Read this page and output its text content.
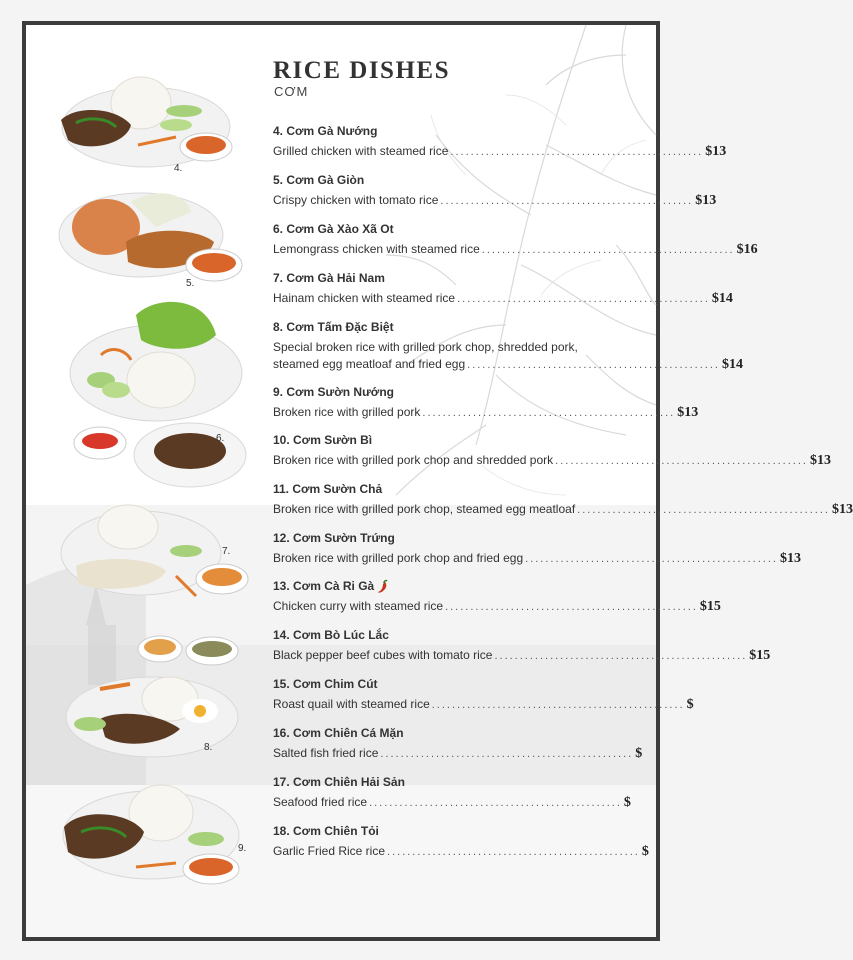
RICE DISHES
CƠM
4.
5.
6.
7.
8.
9.
4. Cơm Gà Nướng
Grilled chicken with steamed rice .................................................. $13
5. Cơm Gà Giòn
Crispy chicken with tomato rice .................................................. $13
6. Cơm Gà Xào Xã Ot
Lemongrass chicken with steamed rice .................................................. $16
7. Cơm Gà Hải Nam
Hainam chicken with steamed rice .................................................. $14
8. Cơm Tấm Đặc Biệt
Special broken rice with grilled pork chop, shredded pork,
steamed egg meatloaf and fried egg .................................................. $14
9. Cơm Sườn Nướng
Broken rice with grilled pork .................................................. $13
10. Cơm Sườn Bì
Broken rice with grilled pork chop and shredded pork .................................................. $13
11. Cơm Sườn Chả
Broken rice with grilled pork chop, steamed egg meatloaf .................................................. $13
12. Cơm Sườn Trứng
Broken rice with grilled pork chop and fried egg .................................................. $13
13. Cơm Cà Ri Gà
Chicken curry with steamed rice .................................................. $15
14. Cơm Bò Lúc Lắc
Black pepper beef cubes with tomato rice .................................................. $15
15. Cơm Chim Cút
Roast quail with steamed rice .................................................. $
16. Cơm Chiên Cá Mặn
Salted fish fried rice .................................................. $
17. Cơm Chiên Hải Sản
Seafood fried rice .................................................. $
18. Cơm Chiên Tỏi
Garlic Fried Rice rice .................................................. $
